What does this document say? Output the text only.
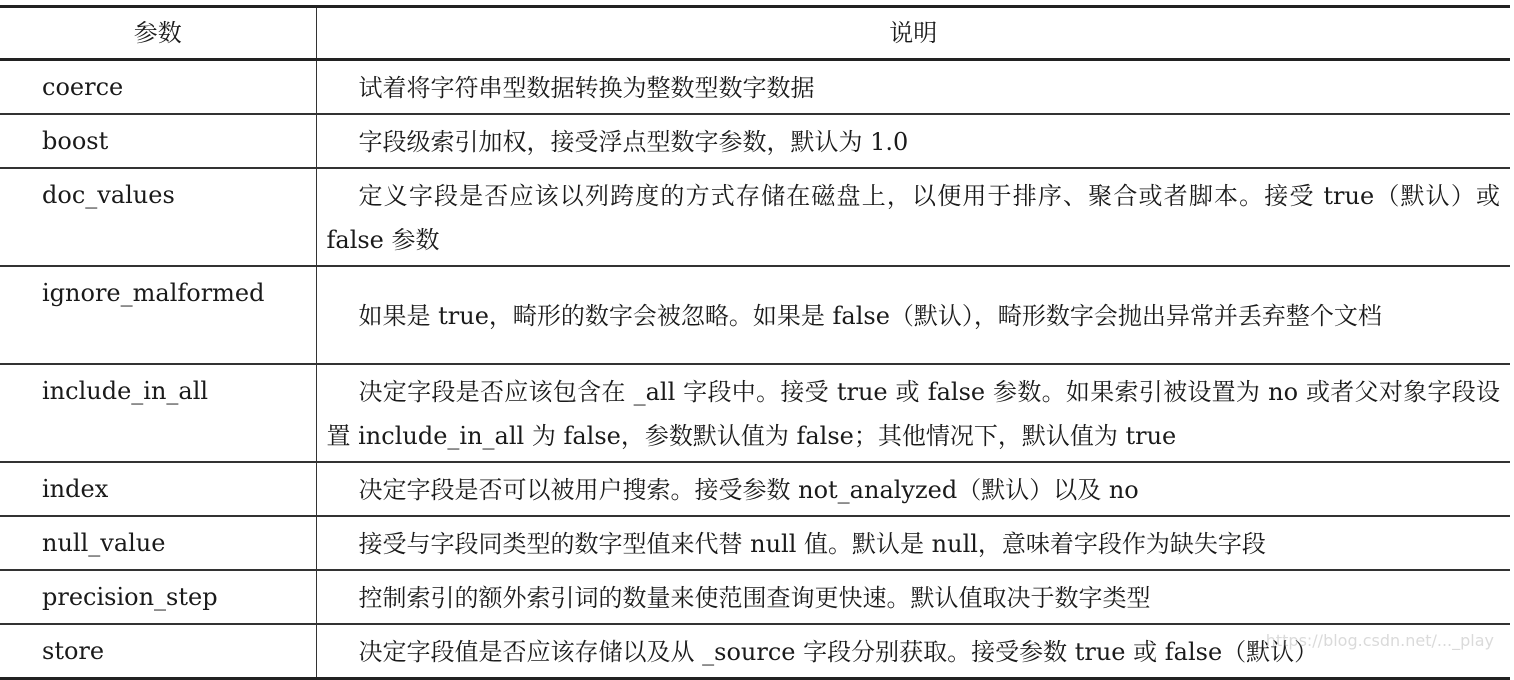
参数	说明
coerce	试着将字符串型数据转换为整数型数字数据

boost	字段级索引加权，接受浮点型数字参数，默认为 1.0

doc_values	定义字段是否应该以列跨度的方式存储在磁盘上，以便用于排序、聚合或者脚本。接受 true（默认）或 false 参数

ignore_malformed	如果是 true，畸形的数字会被忽略。如果是 false（默认），畸形数字会抛出异常并丢弃整个文档

include_in_all	决定字段是否应该包含在 _all 字段中。接受 true 或 false 参数。如果索引被设置为 no 或者父对象字段设置 include_in_all 为 false，参数默认值为 false；其他情况下，默认值为 true

index	决定字段是否可以被用户搜索。接受参数 not_analyzed（默认）以及 no

null_value	接受与字段同类型的数字型值来代替 null 值。默认是 null，意味着字段作为缺失字段

precision_step	控制索引的额外索引词的数量来使范围查询更快速。默认值取决于数字类型

store	决定字段值是否应该存储以及从 _source 字段分别获取。接受参数 true 或 false（默认）
https://blog.csdn.net/..._play
